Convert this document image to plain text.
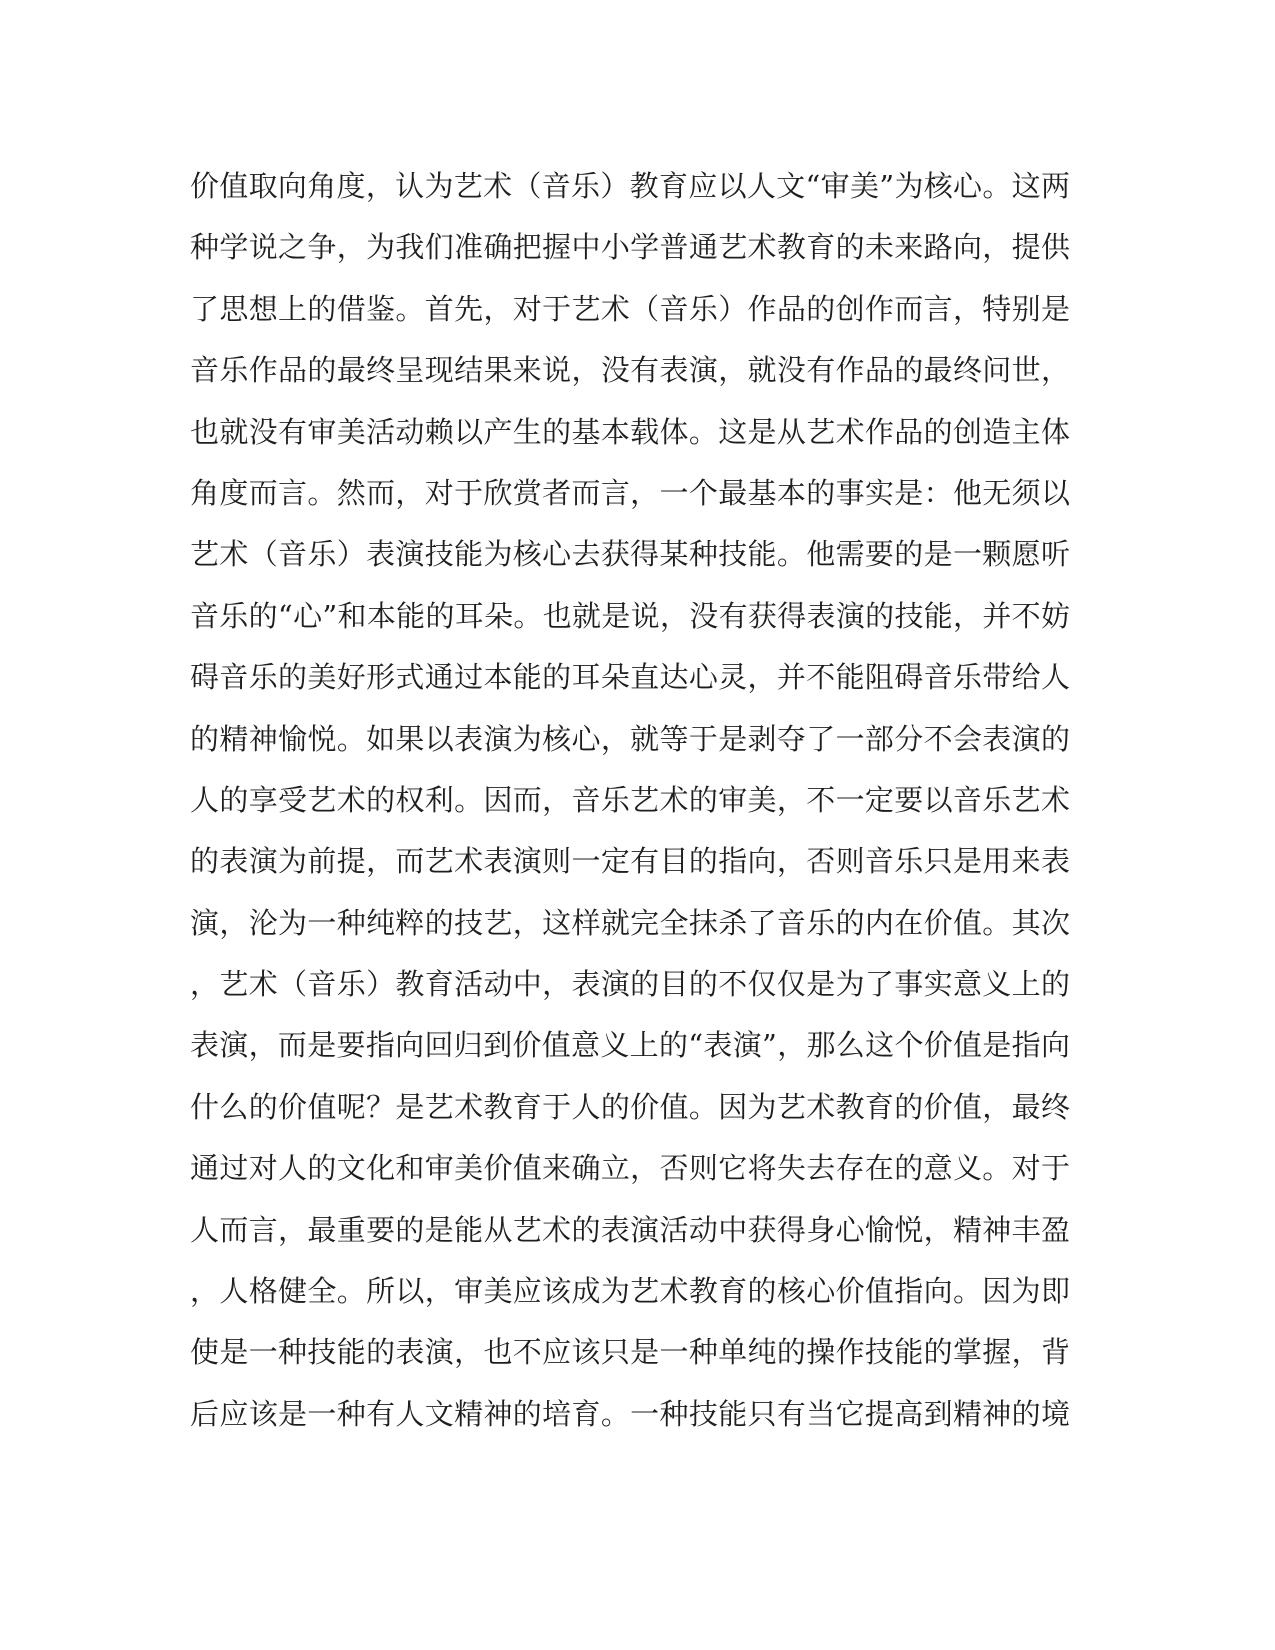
价值取向角度，认为艺术（音乐）教育应以人文“审美”为核心。这两
种学说之争，为我们准确把握中小学普通艺术教育的未来路向，提供
了思想上的借鉴。首先，对于艺术（音乐）作品的创作而言，特别是
音乐作品的最终呈现结果来说，没有表演，就没有作品的最终问世，
也就没有审美活动赖以产生的基本载体。这是从艺术作品的创造主体
角度而言。然而，对于欣赏者而言，一个最基本的事实是：他无须以
艺术（音乐）表演技能为核心去获得某种技能。他需要的是一颗愿听
音乐的“心”和本能的耳朵。也就是说，没有获得表演的技能，并不妨
碍音乐的美好形式通过本能的耳朵直达心灵，并不能阻碍音乐带给人
的精神愉悦。如果以表演为核心，就等于是剥夺了一部分不会表演的
人的享受艺术的权利。因而，音乐艺术的审美，不一定要以音乐艺术
的表演为前提，而艺术表演则一定有目的指向，否则音乐只是用来表
演，沦为一种纯粹的技艺，这样就完全抹杀了音乐的内在价值。其次
，艺术（音乐）教育活动中，表演的目的不仅仅是为了事实意义上的
表演，而是要指向回归到价值意义上的“表演”，那么这个价值是指向
什么的价值呢？是艺术教育于人的价值。因为艺术教育的价值，最终
通过对人的文化和审美价值来确立，否则它将失去存在的意义。对于
人而言，最重要的是能从艺术的表演活动中获得身心愉悦，精神丰盈
，人格健全。所以，审美应该成为艺术教育的核心价值指向。因为即
使是一种技能的表演，也不应该只是一种单纯的操作技能的掌握，背
后应该是一种有人文精神的培育。一种技能只有当它提高到精神的境
